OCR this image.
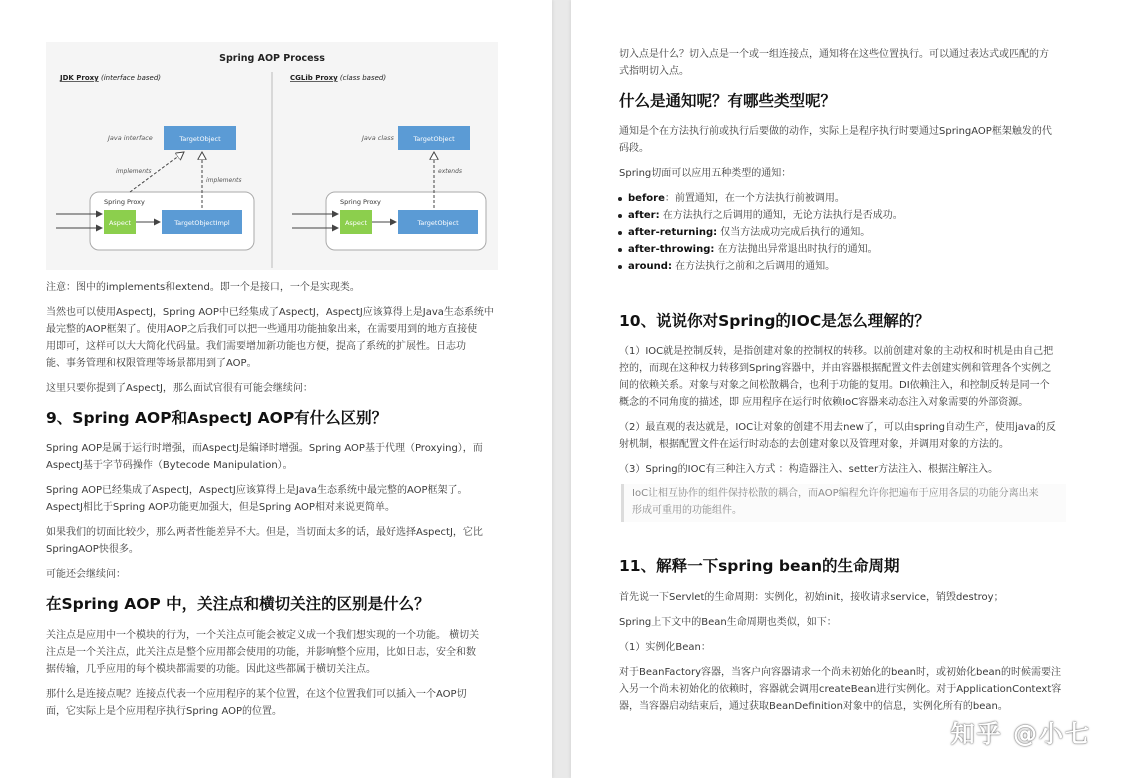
Spring AOP Process
JDK Proxy (interface based)	CGLib Proxy (class based)
Java interface	TargetObject
Spring Proxy
Aspect	TargetObjectImpl
implements
implements
Java class	TargetObject
Spring Proxy
Aspect	TargetObject
extends
注意：图中的implements和extend。即一个是接口，一个是实现类。
当然也可以使用AspectJ，Spring AOP中已经集成了AspectJ，AspectJ应该算得上是Java生态系统中
最完整的AOP框架了。使用AOP之后我们可以把一些通用功能抽象出来，在需要用到的地方直接使
用即可，这样可以大大简化代码量。我们需要增加新功能也方便，提高了系统的扩展性。日志功
能、事务管理和权限管理等场景都用到了AOP。
这里只要你提到了AspectJ，那么面试官很有可能会继续问：
9、Spring AOP和AspectJ AOP有什么区别？
Spring AOP是属于运行时增强，而AspectJ是编译时增强。Spring AOP基于代理（Proxying），而
AspectJ基于字节码操作（Bytecode Manipulation）。
Spring AOP已经集成了AspectJ，AspectJ应该算得上是Java生态系统中最完整的AOP框架了。
AspectJ相比于Spring AOP功能更加强大，但是Spring AOP相对来说更简单。
如果我们的切面比较少，那么两者性能差异不大。但是，当切面太多的话，最好选择AspectJ，它比
SpringAOP快很多。
可能还会继续问：
在Spring AOP 中，关注点和横切关注的区别是什么？
关注点是应用中一个模块的行为，一个关注点可能会被定义成一个我们想实现的一个功能。 横切关
注点是一个关注点，此关注点是整个应用都会使用的功能，并影响整个应用，比如日志，安全和数
据传输，几乎应用的每个模块都需要的功能。因此这些都属于横切关注点。
那什么是连接点呢？连接点代表一个应用程序的某个位置，在这个位置我们可以插入一个AOP切
面，它实际上是个应用程序执行Spring AOP的位置。
切入点是什么？切入点是一个或一组连接点，通知将在这些位置执行。可以通过表达式或匹配的方
式指明切入点。
什么是通知呢？有哪些类型呢？
通知是个在方法执行前或执行后要做的动作，实际上是程序执行时要通过SpringAOP框架触发的代
码段。
Spring切面可以应用五种类型的通知：
before：前置通知，在一个方法执行前被调用。
after: 在方法执行之后调用的通知，无论方法执行是否成功。
after-returning: 仅当方法成功完成后执行的通知。
after-throwing: 在方法抛出异常退出时执行的通知。
around: 在方法执行之前和之后调用的通知。
10、说说你对Spring的IOC是怎么理解的？
（1）IOC就是控制反转，是指创建对象的控制权的转移。以前创建对象的主动权和时机是由自己把
控的，而现在这种权力转移到Spring容器中，并由容器根据配置文件去创建实例和管理各个实例之
间的依赖关系。对象与对象之间松散耦合，也利于功能的复用。DI依赖注入，和控制反转是同一个
概念的不同角度的描述，即 应用程序在运行时依赖IoC容器来动态注入对象需要的外部资源。
（2）最直观的表达就是，IOC让对象的创建不用去new了，可以由spring自动生产，使用java的反
射机制，根据配置文件在运行时动态的去创建对象以及管理对象，并调用对象的方法的。
（3）Spring的IOC有三种注入方式 ：构造器注入、setter方法注入、根据注解注入。
IoC让相互协作的组件保持松散的耦合，而AOP编程允许你把遍布于应用各层的功能分离出来
形成可重用的功能组件。
11、解释一下spring bean的生命周期
首先说一下Servlet的生命周期：实例化，初始init，接收请求service，销毁destroy；
Spring上下文中的Bean生命周期也类似，如下：
（1）实例化Bean：
对于BeanFactory容器，当客户向容器请求一个尚未初始化的bean时，或初始化bean的时候需要注
入另一个尚未初始化的依赖时，容器就会调用createBean进行实例化。对于ApplicationContext容
器，当容器启动结束后，通过获取BeanDefinition对象中的信息，实例化所有的bean。
知乎 @小七
